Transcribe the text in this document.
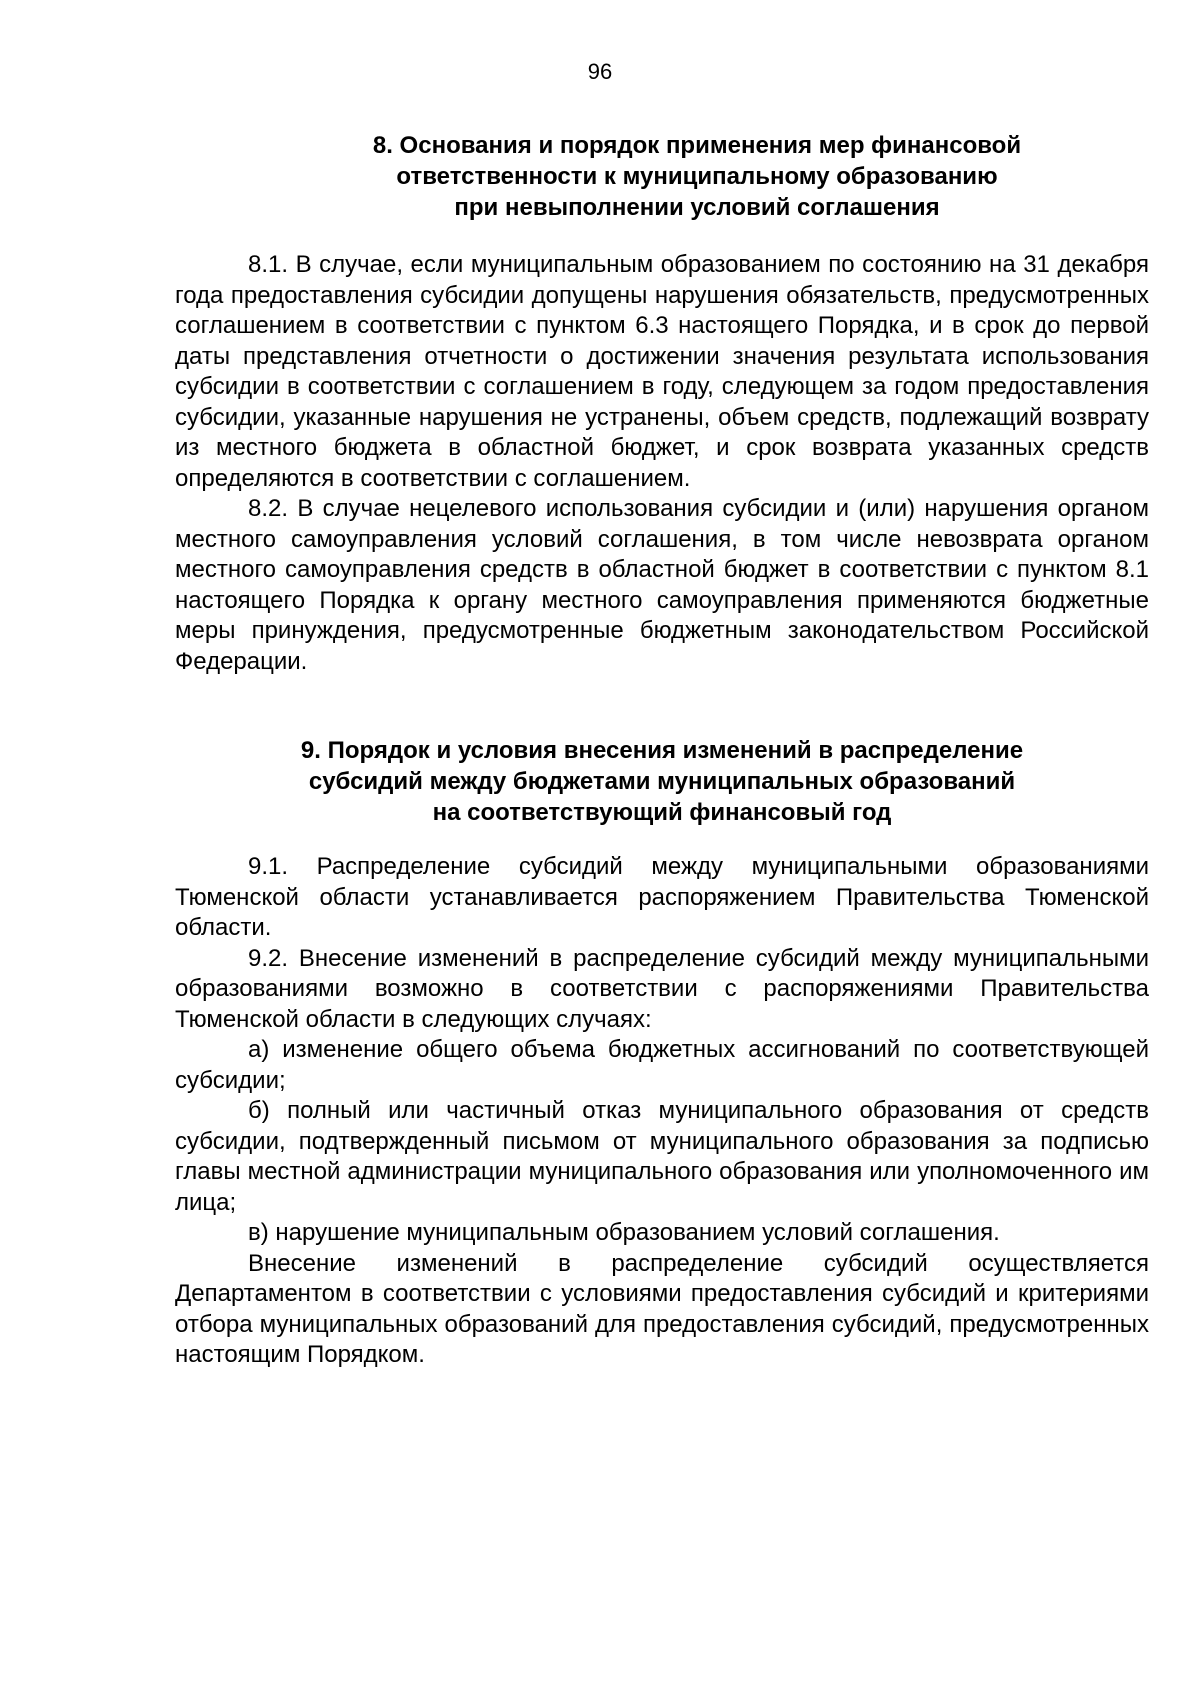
96
8. Основания и порядок применения мер финансовой
ответственности к муниципальному образованию
при невыполнении условий соглашения

8.1. В случае, если муниципальным образованием по состоянию на 31 декабря года предоставления субсидии допущены нарушения обязательств, предусмотренных соглашением в соответствии с пунктом 6.3 настоящего Порядка, и в срок до первой даты представления отчетности о достижении значения результата использования субсидии в соответствии с соглашением в году, следующем за годом предоставления субсидии, указанные нарушения не устранены, объем средств, подлежащий возврату из местного бюджета в областной бюджет, и срок возврата указанных средств определяются в соответствии с соглашением.

8.2. В случае нецелевого использования субсидии и (или) нарушения органом местного самоуправления условий соглашения, в том числе невозврата органом местного самоуправления средств в областной бюджет в соответствии с пунктом 8.1 настоящего Порядка к органу местного самоуправления применяются бюджетные меры принуждения, предусмотренные бюджетным законодательством Российской Федерации.

9. Порядок и условия внесения изменений в распределение
субсидий между бюджетами муниципальных образований
на соответствующий финансовый год

9.1. Распределение субсидий между муниципальными образованиями Тюменской области устанавливается распоряжением Правительства Тюменской области.

9.2. Внесение изменений в распределение субсидий между муниципальными образованиями возможно в соответствии с распоряжениями Правительства Тюменской области в следующих случаях:

а) изменение общего объема бюджетных ассигнований по соответствующей субсидии;

б) полный или частичный отказ муниципального образования от средств субсидии, подтвержденный письмом от муниципального образования за подписью главы местной администрации муниципального образования или уполномоченного им лица;

в) нарушение муниципальным образованием условий соглашения.

Внесение изменений в распределение субсидий осуществляется Департаментом в соответствии с условиями предоставления субсидий и критериями отбора муниципальных образований для предоставления субсидий, предусмотренных настоящим Порядком.
